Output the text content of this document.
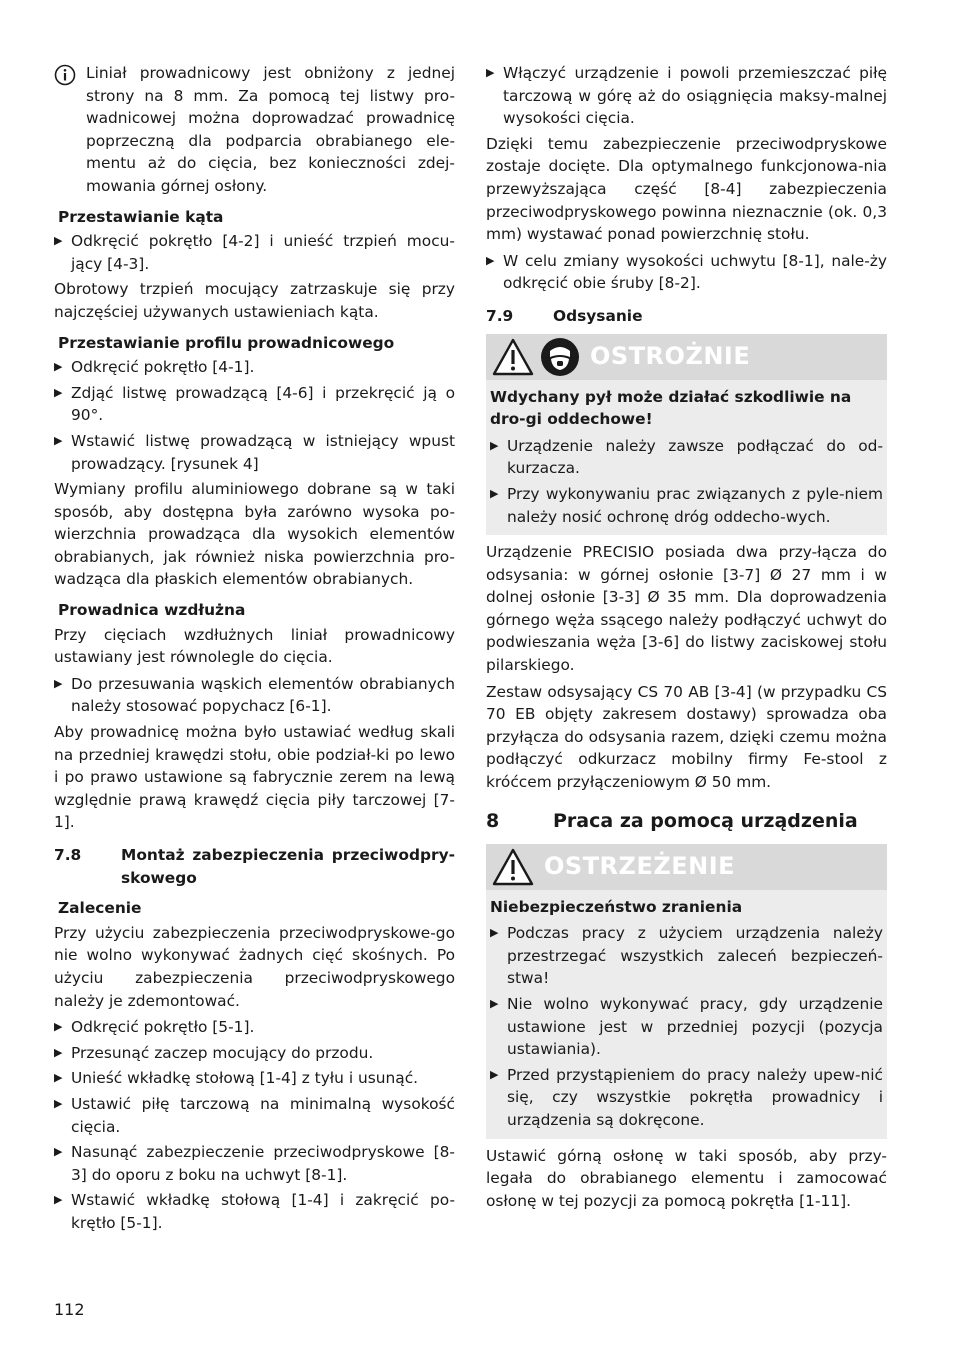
Liniał prowadnicowy jest obniżony z jednej strony na 8 mm. Za pomocą tej listwy pro-wadnicowej można doprowadzać prowadnicę poprzeczną dla podparcia obrabianego ele-mentu aż do cięcia, bez konieczności zdej-mowania górnej osłony.
Przestawianie kąta
▶ Odkręcić pokrętło [4-2] i unieść trzpień mocu-jący [4-3].

Obrotowy trzpień mocujący zatrzaskuje się przy najczęściej używanych ustawieniach kąta.

Przestawianie profilu prowadnicowego
▶ Odkręcić pokrętło [4-1].
▶ Zdjąć listwę prowadzącą [4-6] i przekręcić ją o 90°.
▶ Wstawić listwę prowadzącą w istniejący wpust prowadzący. [rysunek 4]

Wymiany profilu aluminiowego dobrane są w taki sposób, aby dostępna była zarówno wysoka po-wierzchnia prowadząca dla wysokich elementów obrabianych, jak również niska powierzchnia pro-wadząca dla płaskich elementów obrabianych.

Prowadnica wzdłużna

Przy cięciach wzdłużnych liniał prowadnicowy ustawiany jest równolegle do cięcia.

▶ Do przesuwania wąskich elementów obrabianych należy stosować popychacz [6-1].

Aby prowadnicę można było ustawiać według skali na przedniej krawędzi stołu, obie podział-ki po lewo i po prawo ustawione są fabrycznie zerem na lewą względnie prawą krawędź cięcia piły tarczowej [7-1].

7.8	Montaż zabezpieczenia przeciwodpry-skowego
Zalecenie

Przy użyciu zabezpieczenia przeciwodpryskowe-go nie wolno wykonywać żadnych cięć skośnych. Po użyciu zabezpieczenia przeciwodpryskowego należy je zdemontować.

▶ Odkręcić pokrętło [5-1].
▶ Przesunąć zaczep mocujący do przodu.
▶ Unieść wkładkę stołową [1-4] z tyłu i usunąć.
▶ Ustawić piłę tarczową na minimalną wysokość cięcia.
▶ Nasunąć zabezpieczenie przeciwodpryskowe [8-3] do oporu z boku na uchwyt [8-1].
▶ Wstawić wkładkę stołową [1-4] i zakręcić po-krętło [5-1].
▶ Włączyć urządzenie i powoli przemieszczać piłę tarczową w górę aż do osiągnięcia maksy-malnej wysokości cięcia.

Dzięki temu zabezpieczenie przeciwodpryskowe zostaje docięte. Dla optymalnego funkcjonowa-nia przewyższająca część [8-4] zabezpieczenia przeciwodpryskowego powinna nieznacznie (ok. 0,3 mm) wystawać ponad powierzchnię stołu.

▶ W celu zmiany wysokości uchwytu [8-1], nale-ży odkręcić obie śruby [8-2].
7.9	Odsysanie
OSTROŻNIE
Wdychany pył może działać szkodliwie na dro-gi oddechowe!
▶ Urządzenie należy zawsze podłączać do od-kurzacza.
▶ Przy wykonywaniu prac związanych z pyle-niem należy nosić ochronę dróg oddecho-wych.

Urządzenie PRECISIO posiada dwa przy-łącza do odsysania: w górnej osłonie [3-7] Ø 27 mm i w dolnej osłonie [3-3] Ø 35 mm. Dla doprowadzenia górnego węża ssącego należy podłączyć uchwyt do podwieszania węża [3-6] do listwy zaciskowej stołu pilarskiego.

Zestaw odsysający CS 70 AB [3-4] (w przypadku CS 70 EB objęty zakresem dostawy) sprowadza oba przyłącza do odsysania razem, dzięki czemu można podłączyć odkurzacz mobilny firmy Fe-stool z króćcem przyłączeniowym Ø 50 mm.

8	Praca za pomocą urządzenia
OSTRZEŻENIE
Niebezpieczeństwo zranienia
▶ Podczas pracy z użyciem urządzenia należy przestrzegać wszystkich zaleceń bezpieczeń-stwa!
▶ Nie wolno wykonywać pracy, gdy urządzenie ustawione jest w przedniej pozycji (pozycja ustawiania).
▶ Przed przystąpieniem do pracy należy upew-nić się, czy wszystkie pokrętła prowadnicy i urządzenia są dokręcone.

Ustawić górną osłonę w taki sposób, aby przy-legała do obrabianego elementu i zamocować osłonę w tej pozycji za pomocą pokrętła [1-11].

112
